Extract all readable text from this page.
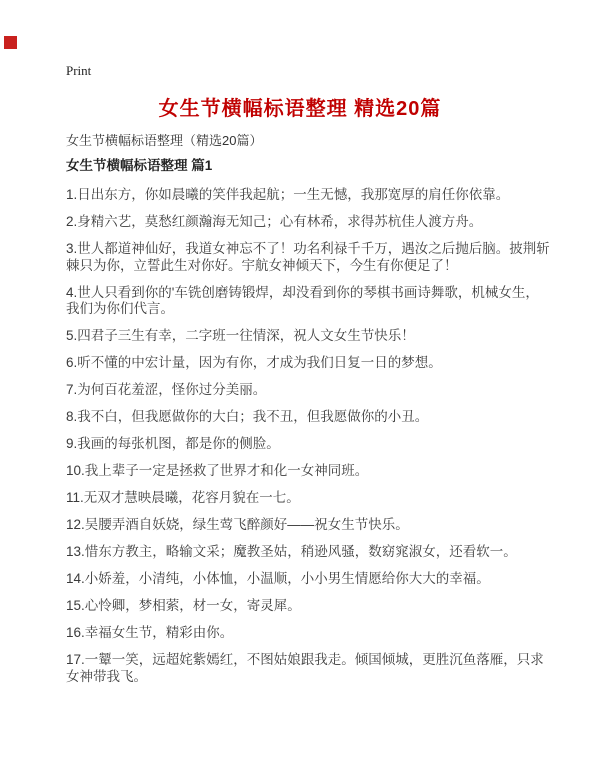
Print
女生节横幅标语整理 精选20篇

女生节横幅标语整理（精选20篇）

女生节横幅标语整理 篇1

1.日出东方，你如晨曦的笑伴我起航；一生无憾，我那宽厚的肩任你依靠。

2.身精六艺，莫愁红颜瀚海无知己；心有林希，求得苏杭佳人渡方舟。

3.世人都道神仙好，我道女神忘不了！功名利禄千千万，遇汝之后抛后脑。披荆斩棘只为你，立誓此生对你好。宇航女神倾天下，今生有你便足了！

4.世人只看到你的'车铣创磨铸锻焊，却没看到你的琴棋书画诗舞歌，机械女生，我们为你们代言。

5.四君子三生有幸，二字班一往情深，祝人文女生节快乐！

6.听不懂的中宏计量，因为有你，才成为我们日复一日的梦想。

7.为何百花羞涩，怪你过分美丽。

8.我不白，但我愿做你的大白；我不丑，但我愿做你的小丑。

9.我画的每张机图，都是你的侧脸。

10.我上辈子一定是拯救了世界才和化一女神同班。

11.无双才慧映晨曦，花容月貌在一七。

12.吴腰弄酒自妖娆，绿生莺飞醉颜好——祝女生节快乐。

13.惜东方教主，略输文采；魔教圣姑，稍逊风骚，数窈窕淑女，还看软一。

14.小娇羞，小清纯，小体恤，小温顺，小小男生情愿给你大大的幸福。

15.心怜卿，梦相萦，材一女，寄灵犀。

16.幸福女生节，精彩由你。

17.一颦一笑，远超姹紫嫣红，不图姑娘跟我走。倾国倾城，更胜沉鱼落雁，只求女神带我飞。
